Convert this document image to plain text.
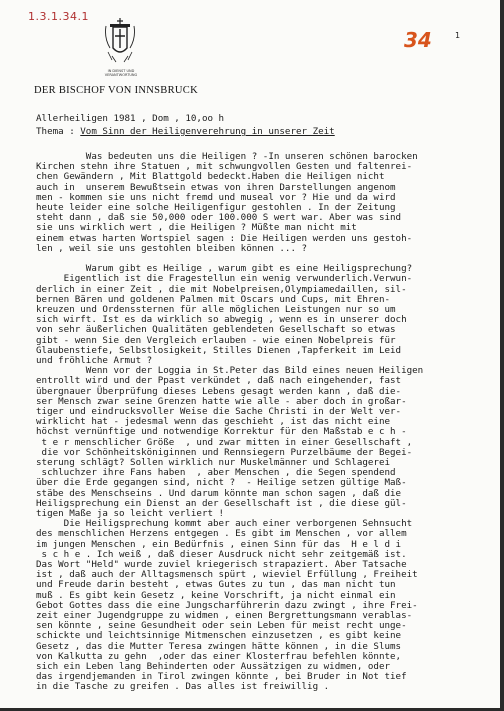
1.3.1.34.1
IN DIENST UND VERANTWORTUNG
DER BISCHOF VON INNSBRUCK
34	1
Allerheiligen 1981 , Dom , 10,oo h
Thema : Vom Sinn der Heiligenverehrung in unserer Zeit
Was bedeuten uns die Heiligen ? -In unseren schönen barocken
Kirchen stehn ihre Statuen , mit schwungvollen Gesten und faltenrei-
chen Gewändern , Mit Blattgold bedeckt.Haben die Heiligen nicht
auch in  unserem Bewußtsein etwas von ihren Darstellungen angenom
men - kommen sie uns nicht fremd und museal vor ? Hie und da wird
heute leider eine solche Heiligenfigur gestohlen . In der Zeitung
steht dann , daß sie 50,000 oder 100.000 S wert war. Aber was sind
sie uns wirklich wert , die Heiligen ? Müßte man nicht mit
einem etwas harten Wortspiel sagen : Die Heiligen werden uns gestoh-
len , weil sie uns gestohlen bleiben können ... ?
Warum gibt es Heilige , warum gibt es eine Heiligsprechung?
Eigentlich ist die Fragestellun ein wenig verwunderlich.Verwun-
derlich in einer Zeit , die mit Nobelpreisen,Olympiamedaillen, sil-
bernen Bären und goldenen Palmen mit Oscars und Cups, mit Ehren-
kreuzen und Ordenssternen für alle möglichen Leistungen nur so um
sich wirft. Ist es da wirklich so abwegig , wenn es in unserer doch
von sehr äußerlichen Qualitäten geblendeten Gesellschaft so etwas
gibt - wenn Sie den Vergleich erlauben - wie einen Nobelpreis für
Glaubenstiefe, Selbstlosigkeit, Stilles Dienen ,Tapferkeit im Leid
und fröhliche Armut ?
Wenn vor der Loggia in St.Peter das Bild eines neuen Heiligen
entrollt wird und der Ppast verkündet , daß nach eingehender, fast
übergnauer Überprüfung dieses Lebens gesagt werden kann , daß die-
ser Mensch zwar seine Grenzen hatte wie alle - aber doch in großar-
tiger und eindrucksvoller Weise die Sache Christi in der Welt ver-
wirklicht hat - jedesmal wenn das geschieht , ist das nicht eine
höchst vernünftige und notwendige Korrektur für den Maßstab e c h -
t e r menschlicher Größe  , und zwar mitten in einer Gesellschaft ,
die vor Schönheitsköniginnen und Rennsiegern Purzelbäume der Begei-
sterung schlägt? Sollen wirklich nur Muskelmänner und Schlagerei
schluchzer ihre Fans haben  , aber Menschen , die Segen spendend
über die Erde gegangen sind, nicht ?  - Heilige setzen gültige Maß-
stäbe des Menschseins . Und darum könnte man schon sagen , daß die
Heiligsprechung ein Dienst an der Gesellschaft ist , die diese gül-
tigen Maße ja so leicht verliert !
Die Heiligsprechung kommt aber auch einer verborgenen Sehnsucht
des menschlichen Herzens entgegen . Es gibt im Menschen , vor allem
im jungen Menschen , ein Bedürfnis , einen Sinn für das  H e l d i
s c h e . Ich weiß , daß dieser Ausdruck nicht sehr zeitgemäß ist.
Das Wort "Held" wurde zuviel kriegerisch strapaziert. Aber Tatsache
ist , daß auch der Alltagsmensch spürt , wieviel Erfüllung , Freiheit
und Freude darin besteht , etwas Gutes zu tun , das man nicht tun
muß . Es gibt kein Gesetz , keine Vorschrift, ja nicht einmal ein
Gebot Gottes dass die eine Jungscharführerin dazu zwingt , ihre Frei-
zeit einer Jugendgruppe zu widmen , einen Bergrettungsmann verablas-
sen könnte , seine Gesundheit oder sein Leben für meist recht unge-
schickte und leichtsinnige Mitmenschen einzusetzen , es gibt keine
Gesetz , das die Mutter Teresa zwingen hätte können , in die Slums
von Kalkutta zu gehn  ,oder das einer Klosterfrau befehlen könnte,
sich ein Leben lang Behinderten oder Aussätzigen zu widmen, oder
das irgendjemanden in Tirol zwingen könnte , bei Bruder in Not tief
in die Tasche zu greifen . Das alles ist freiwillig .
